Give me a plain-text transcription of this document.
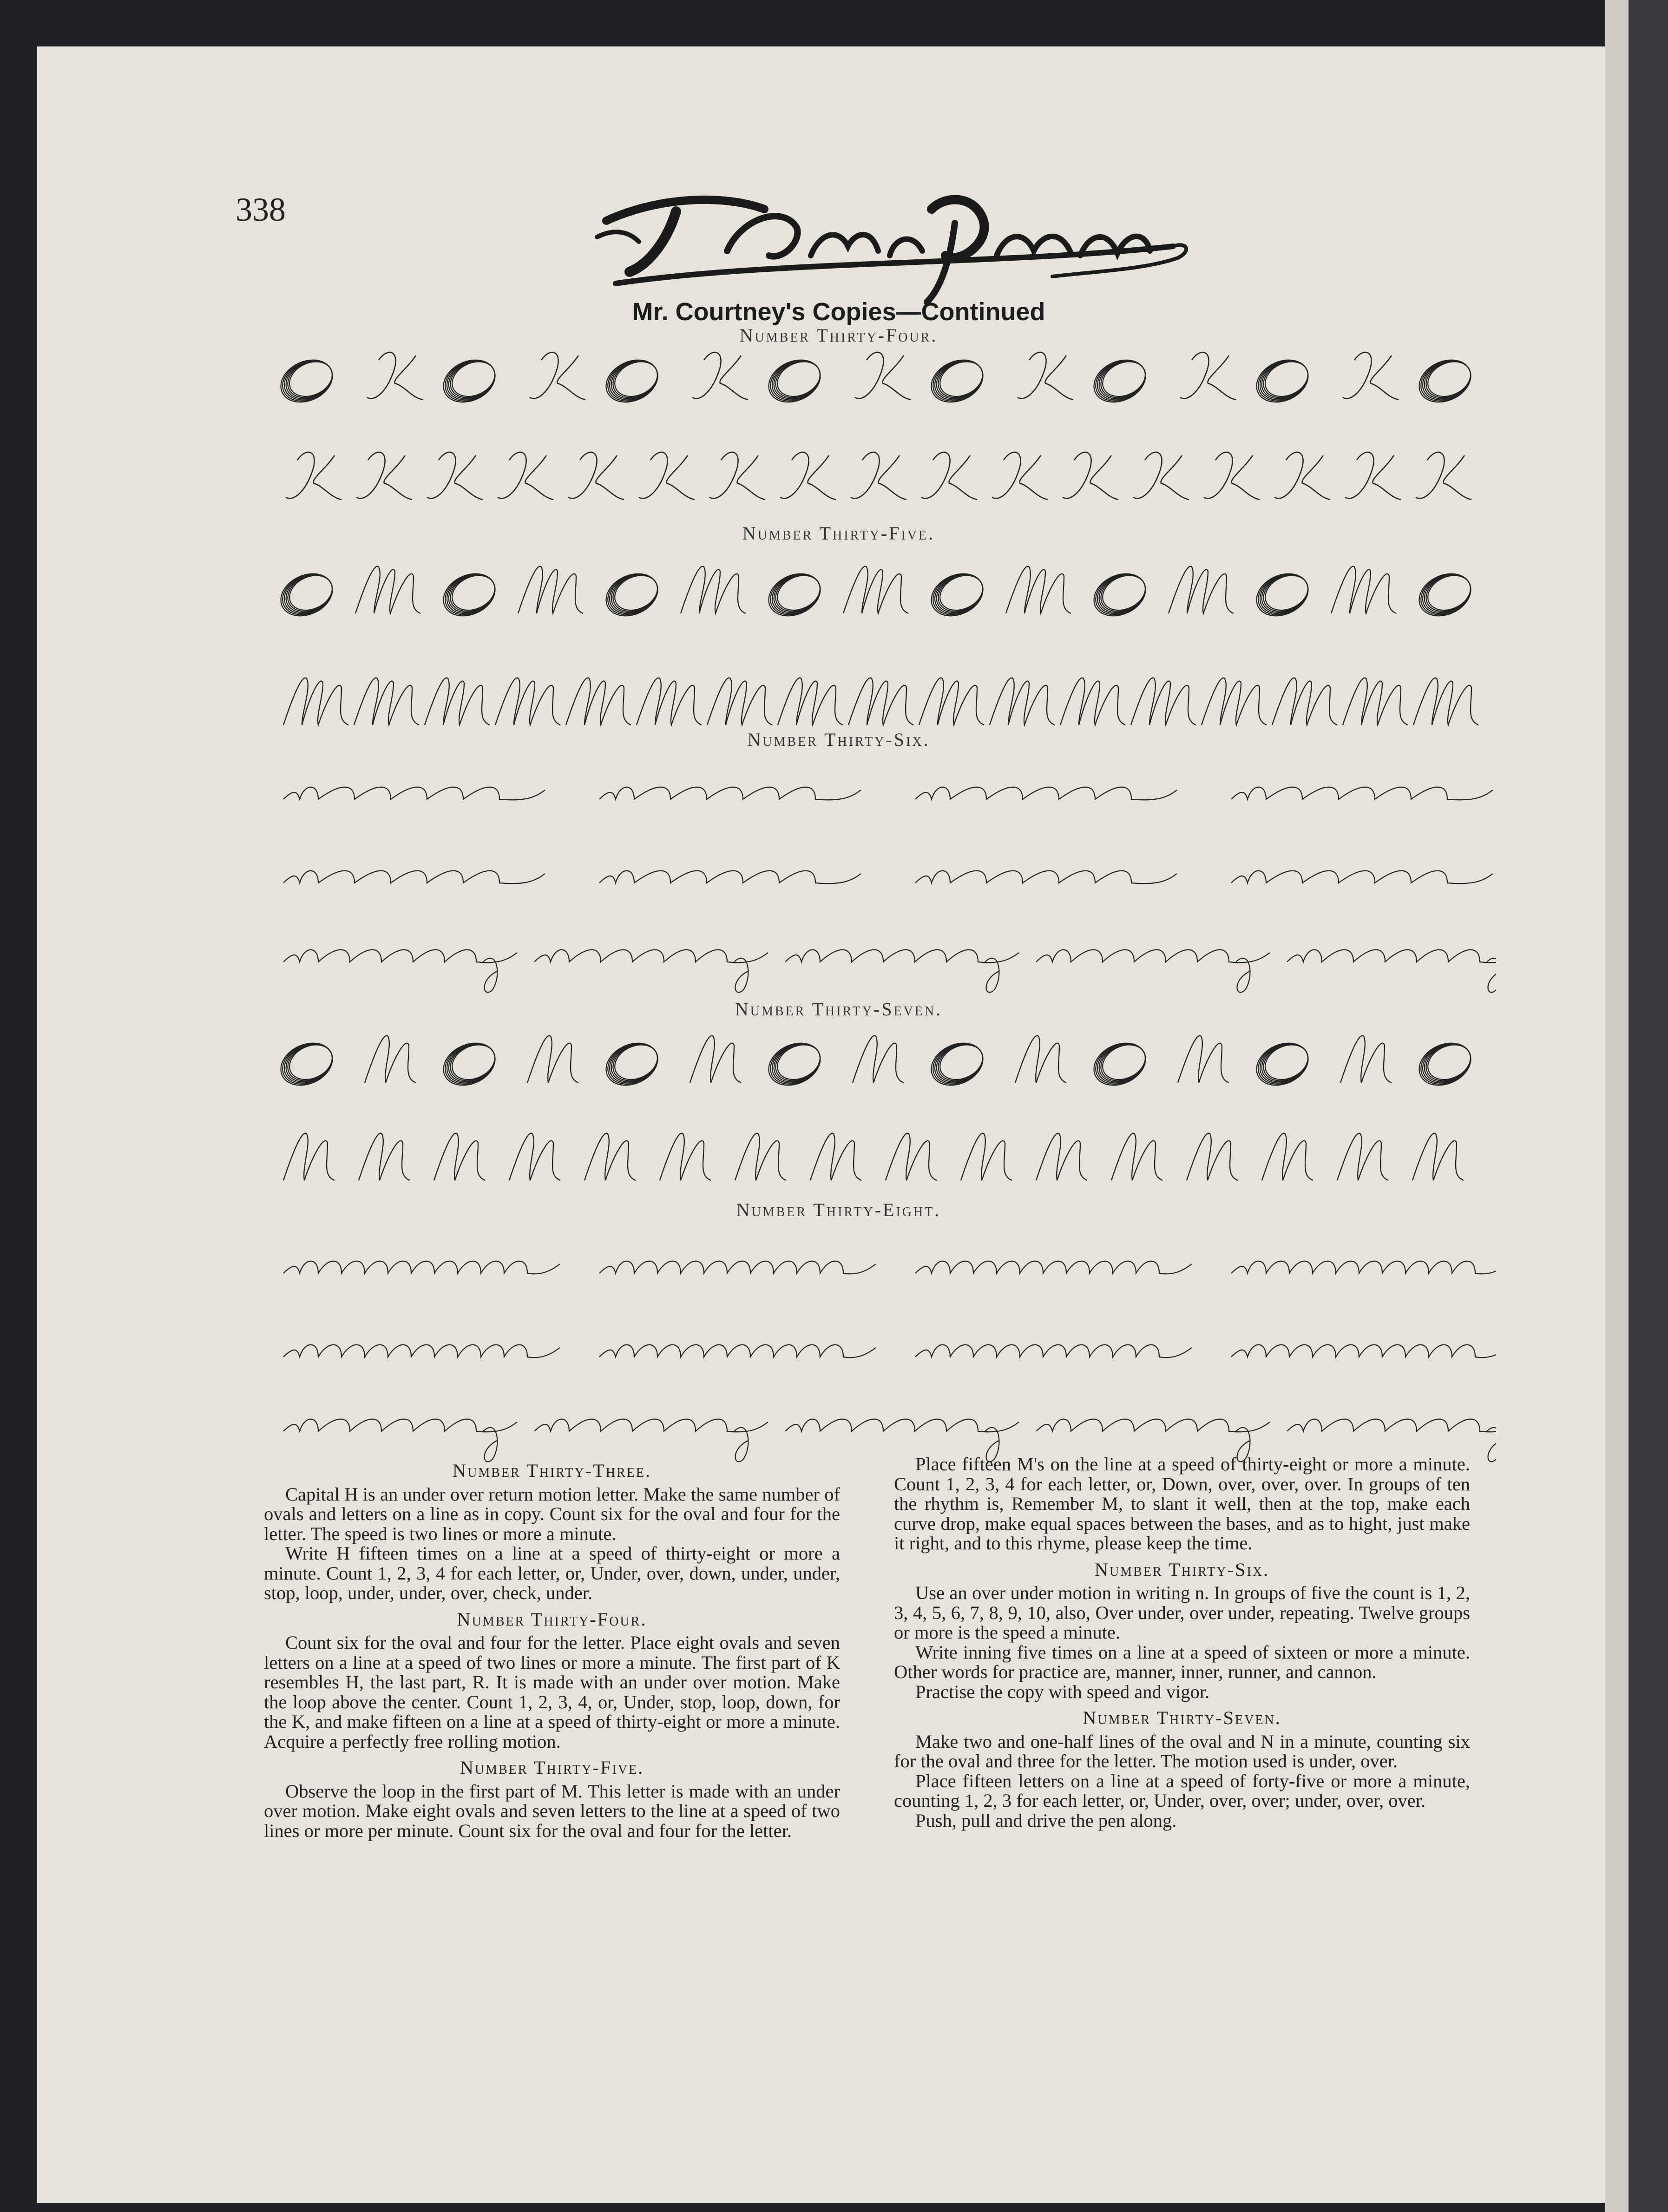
338
Mr. Courtney's Copies—Continued
Number Thirty-Four.
Number Thirty-Five.
Number Thirty-Six.
Number Thirty-Seven.
Number Thirty-Eight.

Number Thirty-Three.

Capital H is an under over return motion letter. Make the same number of ovals and letters on a line as in copy. Count six for the oval and four for the letter. The speed is two lines or more a minute.

Write H fifteen times on a line at a speed of thirty-eight or more a minute. Count 1, 2, 3, 4 for each letter, or, Under, over, down, under, under, stop, loop, under, under, over, check, under.

Number Thirty-Four.

Count six for the oval and four for the letter. Place eight ovals and seven letters on a line at a speed of two lines or more a minute. The first part of K resembles H, the last part, R. It is made with an under over motion. Make the loop above the center. Count 1, 2, 3, 4, or, Under, stop, loop, down, for the K, and make fifteen on a line at a speed of thirty-eight or more a minute. Acquire a perfectly free rolling motion.

Number Thirty-Five.

Observe the loop in the first part of M. This letter is made with an under over motion. Make eight ovals and seven letters to the line at a speed of two lines or more per minute. Count six for the oval and four for the letter.

Place fifteen M's on the line at a speed of thirty-eight or more a minute. Count 1, 2, 3, 4 for each letter, or, Down, over, over, over. In groups of ten the rhythm is, Remember M, to slant it well, then at the top, make each curve drop, make equal spaces between the bases, and as to hight, just make it right, and to this rhyme, please keep the time.

Number Thirty-Six.

Use an over under motion in writing n. In groups of five the count is 1, 2, 3, 4, 5, 6, 7, 8, 9, 10, also, Over under, over under, repeating. Twelve groups or more is the speed a minute.

Write inning five times on a line at a speed of sixteen or more a minute. Other words for practice are, manner, inner, runner, and cannon.

Practise the copy with speed and vigor.

Number Thirty-Seven.

Make two and one-half lines of the oval and N in a minute, counting six for the oval and three for the letter. The motion used is under, over.

Place fifteen letters on a line at a speed of forty-five or more a minute, counting 1, 2, 3 for each letter, or, Under, over, over; under, over, over.

Push, pull and drive the pen along.
